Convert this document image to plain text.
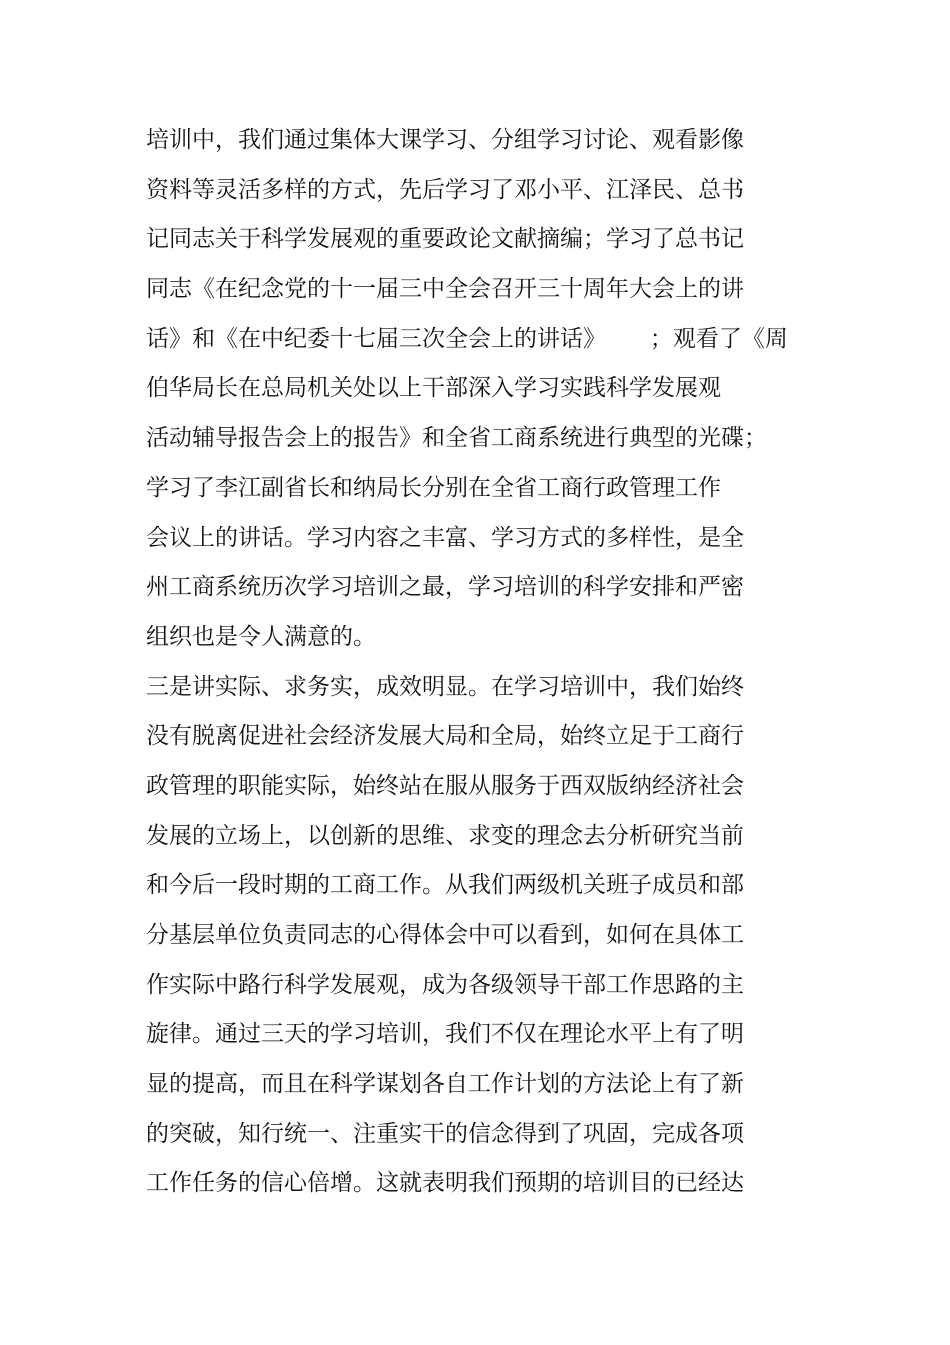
培训中，我们通过集体大课学习、分组学习讨论、观看影像
资料等灵活多样的方式，先后学习了邓小平、江泽民、总书
记同志关于科学发展观的重要政论文献摘编；学习了总书记
同志《在纪念党的十一届三中全会召开三十周年大会上的讲
话》和《在中纪委十七届三次全会上的讲话》      ；观看了《周
伯华局长在总局机关处以上干部深入学习实践科学发展观
活动辅导报告会上的报告》和全省工商系统进行典型的光碟；
学习了李江副省长和纳局长分别在全省工商行政管理工作
会议上的讲话。学习内容之丰富、学习方式的多样性，是全
州工商系统历次学习培训之最，学习培训的科学安排和严密
组织也是令人满意的。
三是讲实际、求务实，成效明显。在学习培训中，我们始终
没有脱离促进社会经济发展大局和全局，始终立足于工商行
政管理的职能实际，始终站在服从服务于西双版纳经济社会
发展的立场上，以创新的思维、求变的理念去分析研究当前
和今后一段时期的工商工作。从我们两级机关班子成员和部
分基层单位负责同志的心得体会中可以看到，如何在具体工
作实际中路行科学发展观，成为各级领导干部工作思路的主
旋律。通过三天的学习培训，我们不仅在理论水平上有了明
显的提高，而且在科学谋划各自工作计划的方法论上有了新
的突破，知行统一、注重实干的信念得到了巩固，完成各项
工作任务的信心倍增。这就表明我们预期的培训目的已经达
